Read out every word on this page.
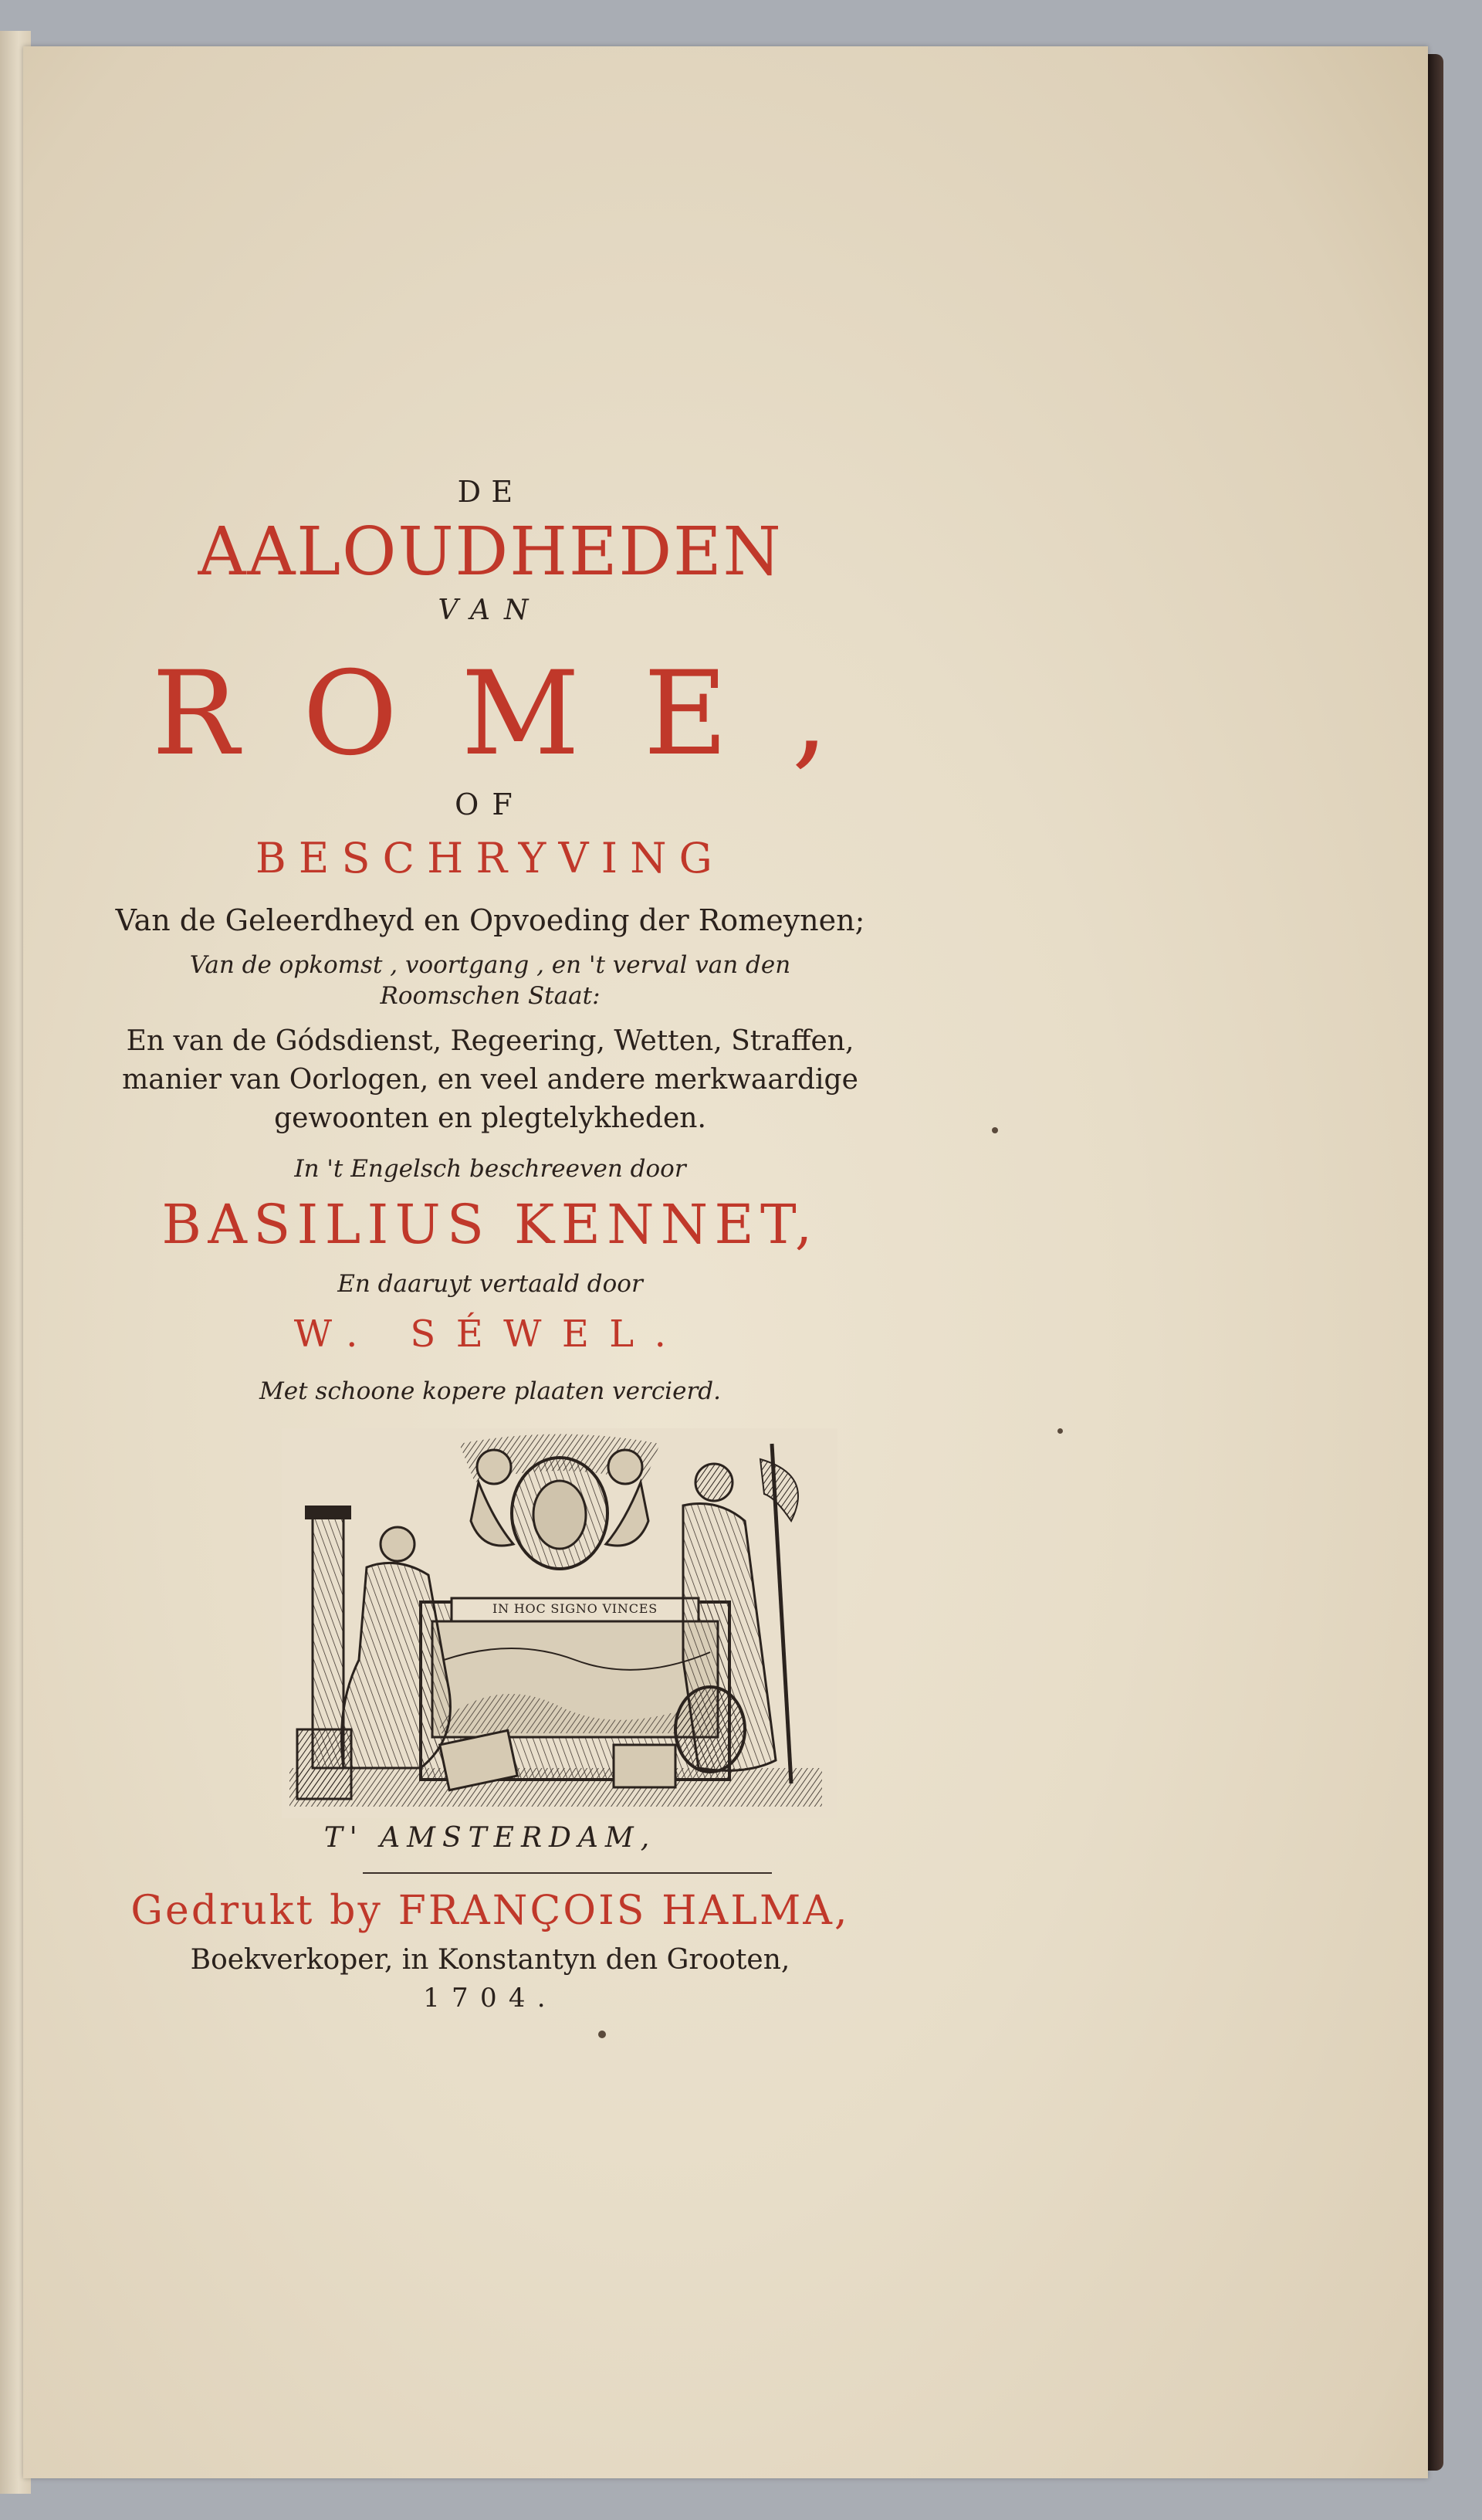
DE
AALOUDHEDEN
VAN
ROME,
OF
BESCHRYVING
Van de Geleerdheyd en Opvoeding der Romeynen;
Van de opkomst , voortgang , en 't verval van den
Roomschen Staat:
En van de Gódsdienst, Regeering, Wetten, Straffen,
manier van Oorlogen, en veel andere merkwaardige
gewoonten en plegtelykheden.
In 't Engelsch beschreeven door
BASILIUS KENNET,
En daaruyt vertaald door
W. SÉWEL.
Met schoone kopere plaaten vercierd.
IN HOC SIGNO VINCES
T' AMSTERDAM,
Gedrukt by FRANÇOIS HALMA,
Boekverkoper, in Konstantyn den Grooten,
1704.
